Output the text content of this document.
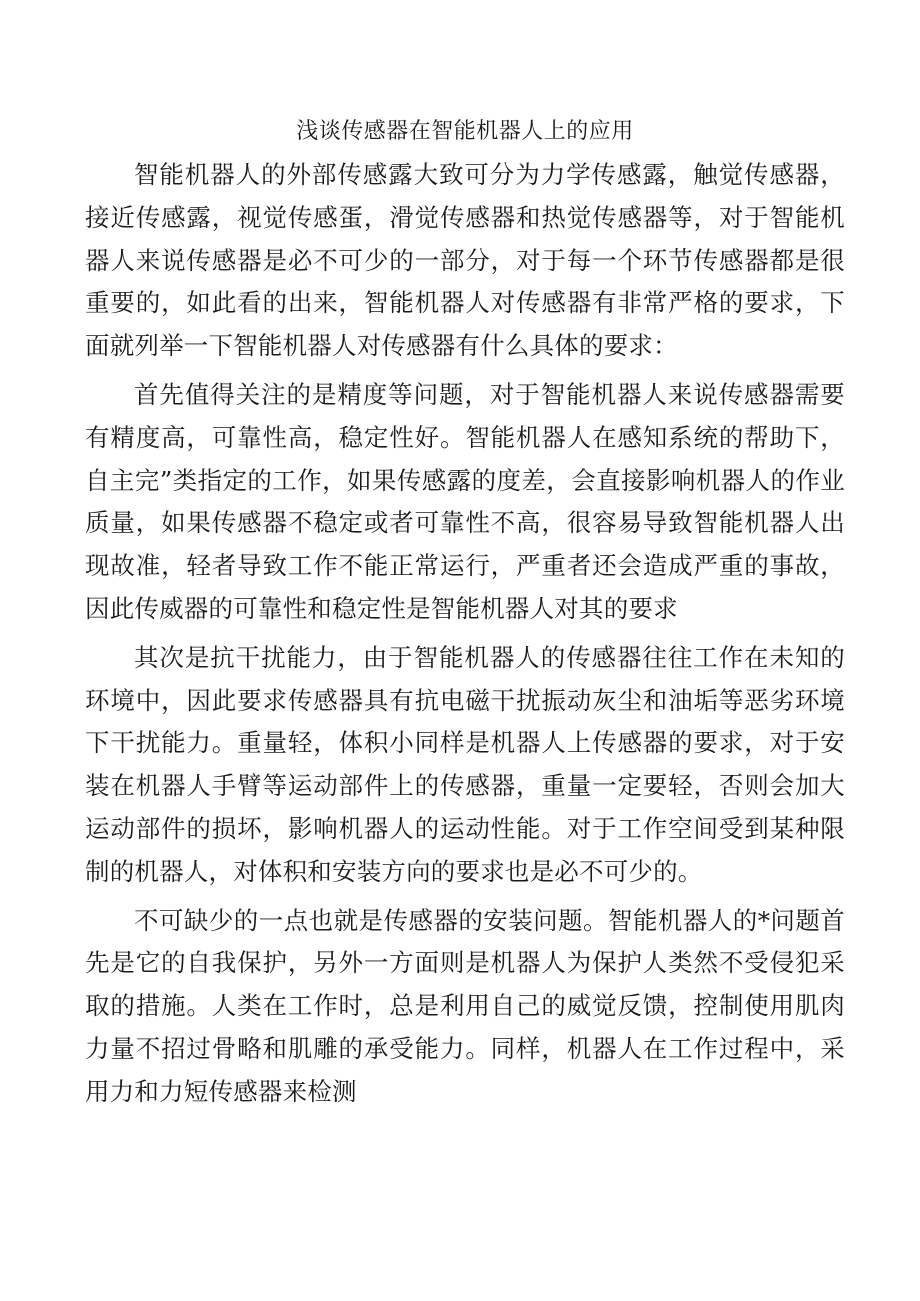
浅谈传感器在智能机器人上的应用

智能机器人的外部传感露大致可分为力学传感露，触觉传感器，接近传感露，视觉传感蛋，滑觉传感器和热觉传感器等，对于智能机器人来说传感器是必不可少的一部分，对于每一个环节传感器都是很重要的，如此看的出来，智能机器人对传感器有非常严格的要求，下面就列举一下智能机器人对传感器有什么具体的要求：

首先值得关注的是精度等问题，对于智能机器人来说传感器需要有精度高，可靠性高，稳定性好。智能机器人在感知系统的帮助下，自主完”类指定的工作，如果传感露的度差，会直接影响机器人的作业质量，如果传感器不稳定或者可靠性不高，很容易导致智能机器人出现故准，轻者导致工作不能正常运行，严重者还会造成严重的事故，因此传威器的可靠性和稳定性是智能机器人对其的要求

其次是抗干扰能力，由于智能机器人的传感器往往工作在未知的环境中，因此要求传感器具有抗电磁干扰振动灰尘和油垢等恶劣环境下干扰能力。重量轻，体积小同样是机器人上传感器的要求，对于安装在机器人手臂等运动部件上的传感器，重量一定要轻，否则会加大运动部件的损坏，影响机器人的运动性能。对于工作空间受到某种限制的机器人，对体积和安装方向的要求也是必不可少的。

不可缺少的一点也就是传感器的安装问题。智能机器人的*问题首先是它的自我保护，另外一方面则是机器人为保护人类然不受侵犯采取的措施。人类在工作时，总是利用自己的威觉反馈，控制使用肌肉力量不招过骨略和肌雕的承受能力。同样，机器人在工作过程中，采用力和力短传感器来检测
